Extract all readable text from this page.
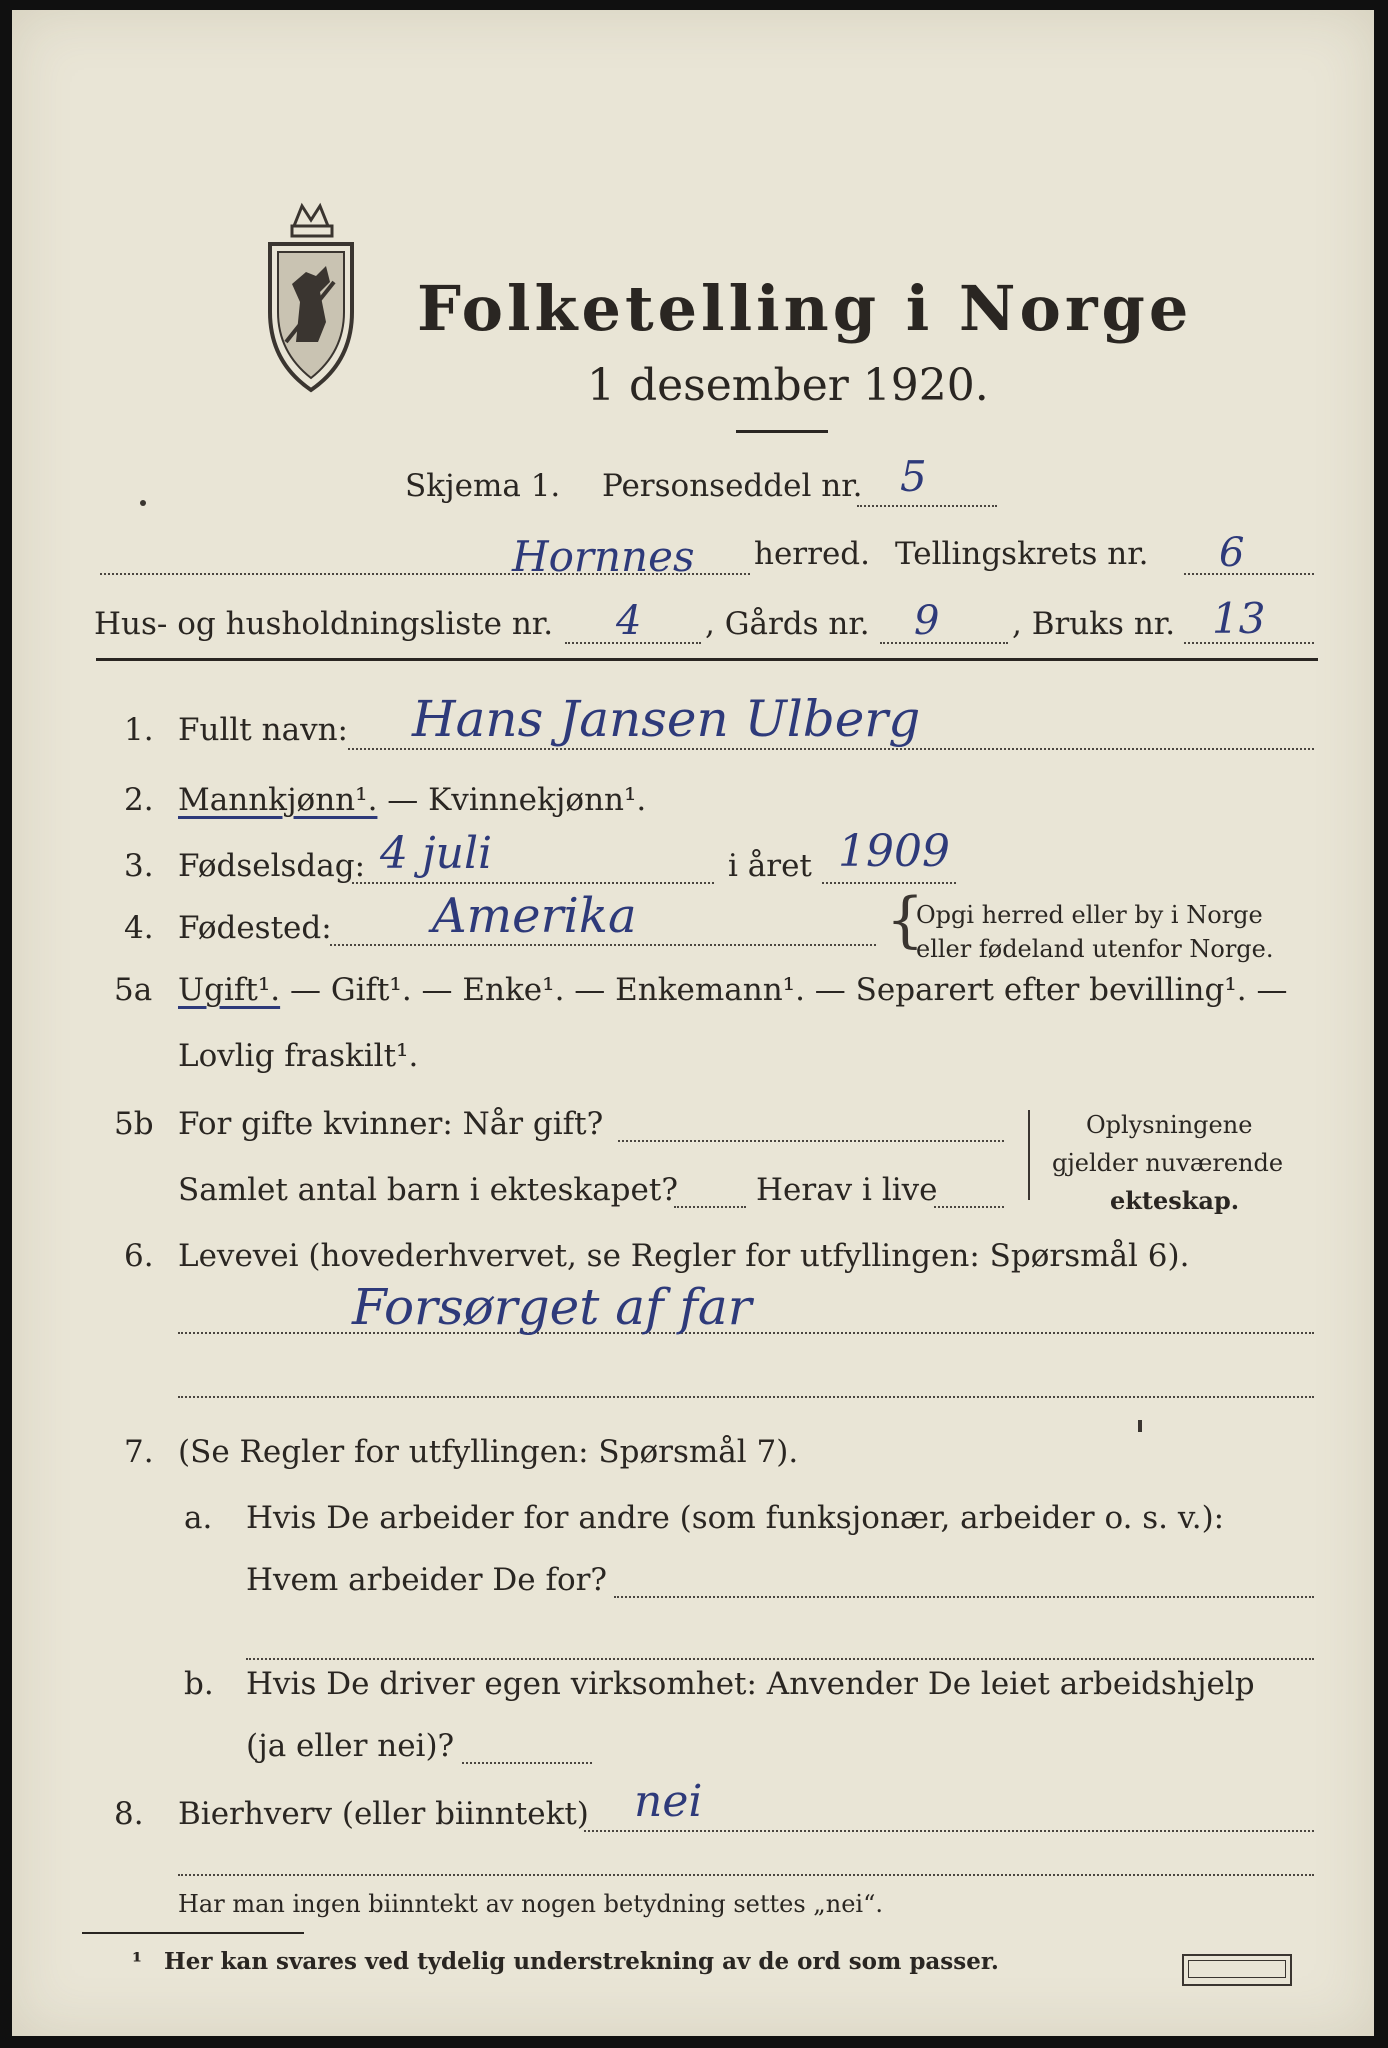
Folketelling i Norge
1 desember 1920.
Skjema 1. Personseddel nr. 5
Hornnes herred. Tellingskrets nr. 6
Hus- og husholdningsliste nr. 4 , Gårds nr. 9 , Bruks nr. 13
1. Fullt navn: Hans Jansen Ulberg
2. Mannkjønn¹. — Kvinnekjønn¹.
3. Fødselsdag: 4 juli	i året 1909
4. Fødested: Amerika	{
Opgi herred eller by i Norge
eller fødeland utenfor Norge.
5a Ugift¹. — Gift¹. — Enke¹. — Enkemann¹. — Separert efter bevilling¹. —
Lovlig fraskilt¹.
5b For gifte kvinner: Når gift?
Samlet antal barn i ekteskapet?	Herav i live
Oplysningene
gjelder nuværende
ekteskap.
6. Levevei (hovederhvervet, se Regler for utfyllingen: Spørsmål 6).
Forsørget af far
7. (Se Regler for utfyllingen: Spørsmål 7).
a. Hvis De arbeider for andre (som funksjonær, arbeider o. s. v.):
Hvem arbeider De for?
b. Hvis De driver egen virksomhet: Anvender De leiet arbeidshjelp
(ja eller nei)?
8. Bierhverv (eller biinntekt) nei
Har man ingen biinntekt av nogen betydning settes „nei“.
¹ Her kan svares ved tydelig understrekning av de ord som passer.
